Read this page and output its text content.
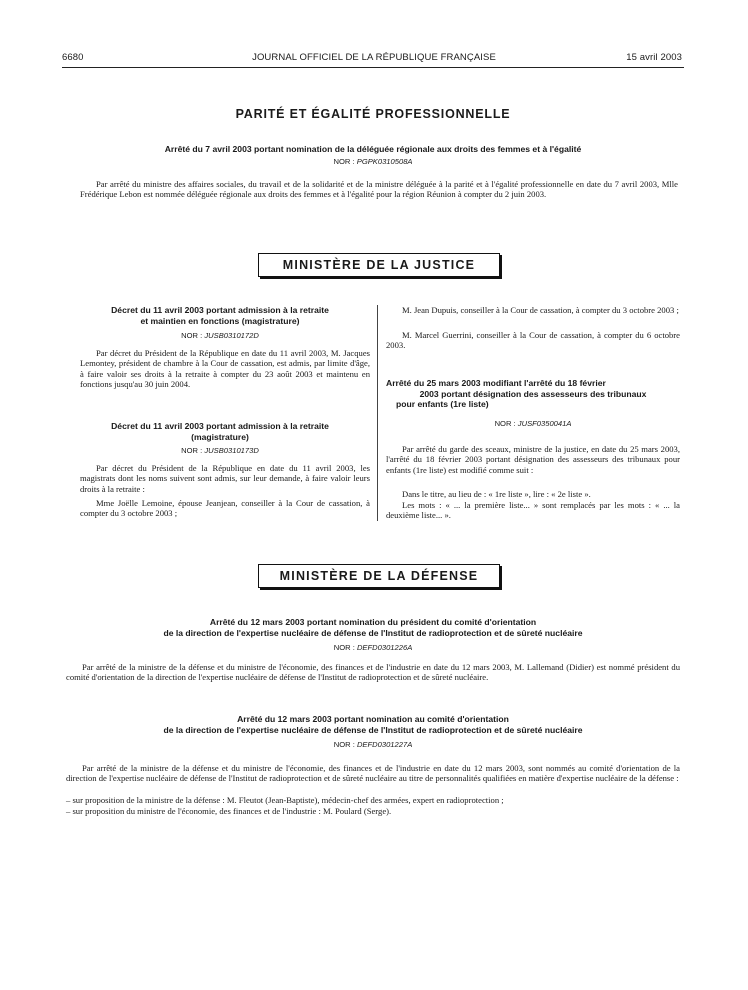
6680	JOURNAL OFFICIEL DE LA RÉPUBLIQUE FRANÇAISE	15 avril 2003
PARITÉ ET ÉGALITÉ PROFESSIONNELLE
Arrêté du 7 avril 2003 portant nomination de la déléguée régionale aux droits des femmes et à l'égalité
NOR : PGPK0310508A

Par arrêté du ministre des affaires sociales, du travail et de la solidarité et de la ministre déléguée à la parité et à l'égalité professionnelle en date du 7 avril 2003, Mlle Frédérique Lebon est nommée déléguée régionale aux droits des femmes et à l'égalité pour la région Réunion à compter du 2 juin 2003.

MINISTÈRE DE LA JUSTICE
Décret du 11 avril 2003 portant admission à la retraite
et maintien en fonctions (magistrature)
NOR : JUSB0310172D

Par décret du Président de la République en date du 11 avril 2003, M. Jacques Lemontey, président de chambre à la Cour de cassation, est admis, par limite d'âge, à faire valoir ses droits à la retraite à compter du 23 août 2003 et maintenu en fonctions jusqu'au 30 juin 2004.

Décret du 11 avril 2003 portant admission à la retraite
(magistrature)
NOR : JUSB0310173D

Par décret du Président de la République en date du 11 avril 2003, les magistrats dont les noms suivent sont admis, sur leur demande, à faire valoir leurs droits à la retraite :

Mme Joëlle Lemoine, épouse Jeanjean, conseiller à la Cour de cassation, à compter du 3 octobre 2003 ;

M. Jean Dupuis, conseiller à la Cour de cassation, à compter du 3 octobre 2003 ;

M. Marcel Guerrini, conseiller à la Cour de cassation, à compter du 6 octobre 2003.

Arrêté du 25 mars 2003 modifiant l'arrêté du 18 février
2003 portant désignation des assesseurs des tribunaux
pour enfants (1re liste)
NOR : JUSF0350041A

Par arrêté du garde des sceaux, ministre de la justice, en date du 25 mars 2003, l'arrêté du 18 février 2003 portant désignation des assesseurs des tribunaux pour enfants (1re liste) est modifié comme suit :

Dans le titre, au lieu de : « 1re liste », lire : « 2e liste ».

Les mots : « ... la première liste... » sont remplacés par les mots : « ... la deuxième liste... ».

MINISTÈRE DE LA DÉFENSE
Arrêté du 12 mars 2003 portant nomination du président du comité d'orientation
de la direction de l'expertise nucléaire de défense de l'Institut de radioprotection et de sûreté nucléaire
NOR : DEFD0301226A

Par arrêté de la ministre de la défense et du ministre de l'économie, des finances et de l'industrie en date du 12 mars 2003, M. Lallemand (Didier) est nommé président du comité d'orientation de la direction de l'expertise nucléaire de défense de l'Institut de radioprotection et de sûreté nucléaire.

Arrêté du 12 mars 2003 portant nomination au comité d'orientation
de la direction de l'expertise nucléaire de défense de l'Institut de radioprotection et de sûreté nucléaire
NOR : DEFD0301227A

Par arrêté de la ministre de la défense et du ministre de l'économie, des finances et de l'industrie en date du 12 mars 2003, sont nommés au comité d'orientation de la direction de l'expertise nucléaire de défense de l'Institut de radioprotection et de sûreté nucléaire au titre de personnalités qualifiées en matière d'expertise nucléaire de la défense :

– sur proposition de la ministre de la défense : M. Fleutot (Jean-Baptiste), médecin-chef des armées, expert en radioprotection ;

– sur proposition du ministre de l'économie, des finances et de l'industrie : M. Poulard (Serge).
